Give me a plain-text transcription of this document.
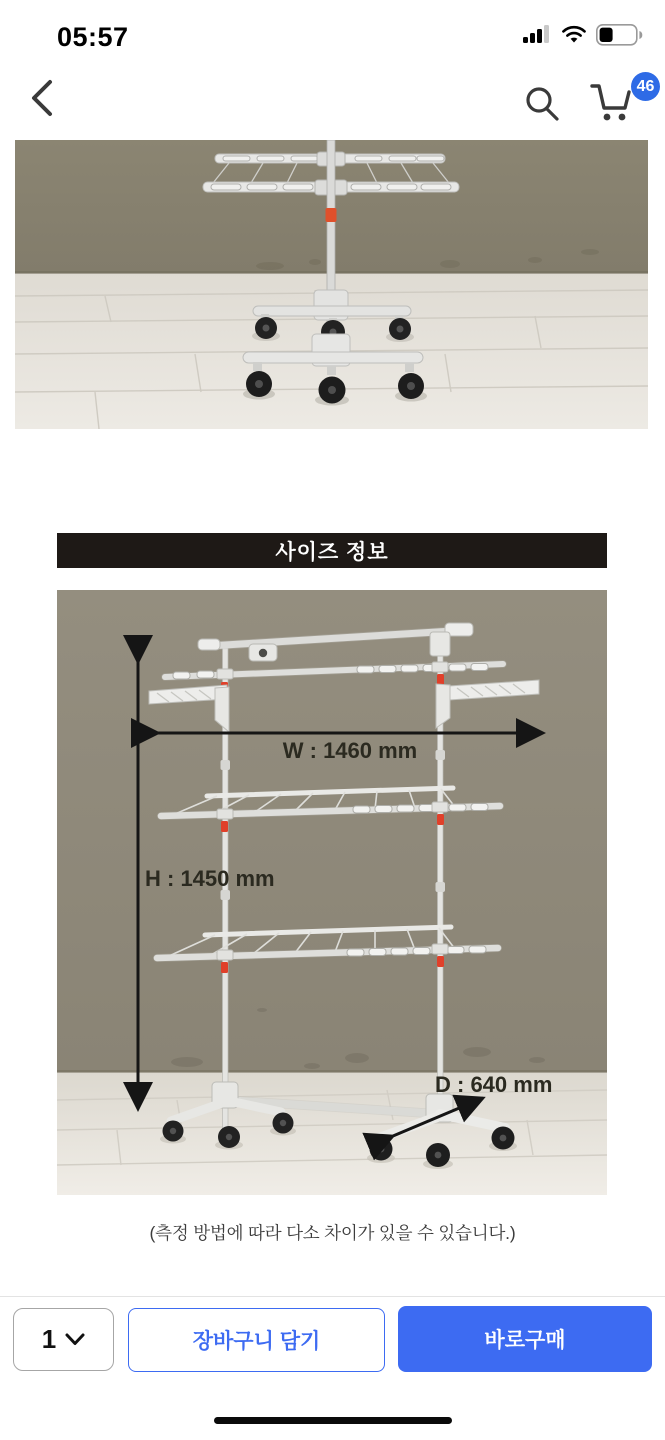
05:57
46
사이즈 정보
W : 1460 mm
H : 1450 mm
D : 640 mm
(측정 방법에 따라 다소 차이가 있을 수 있습니다.)
1	장바구니 담기	바로구매
